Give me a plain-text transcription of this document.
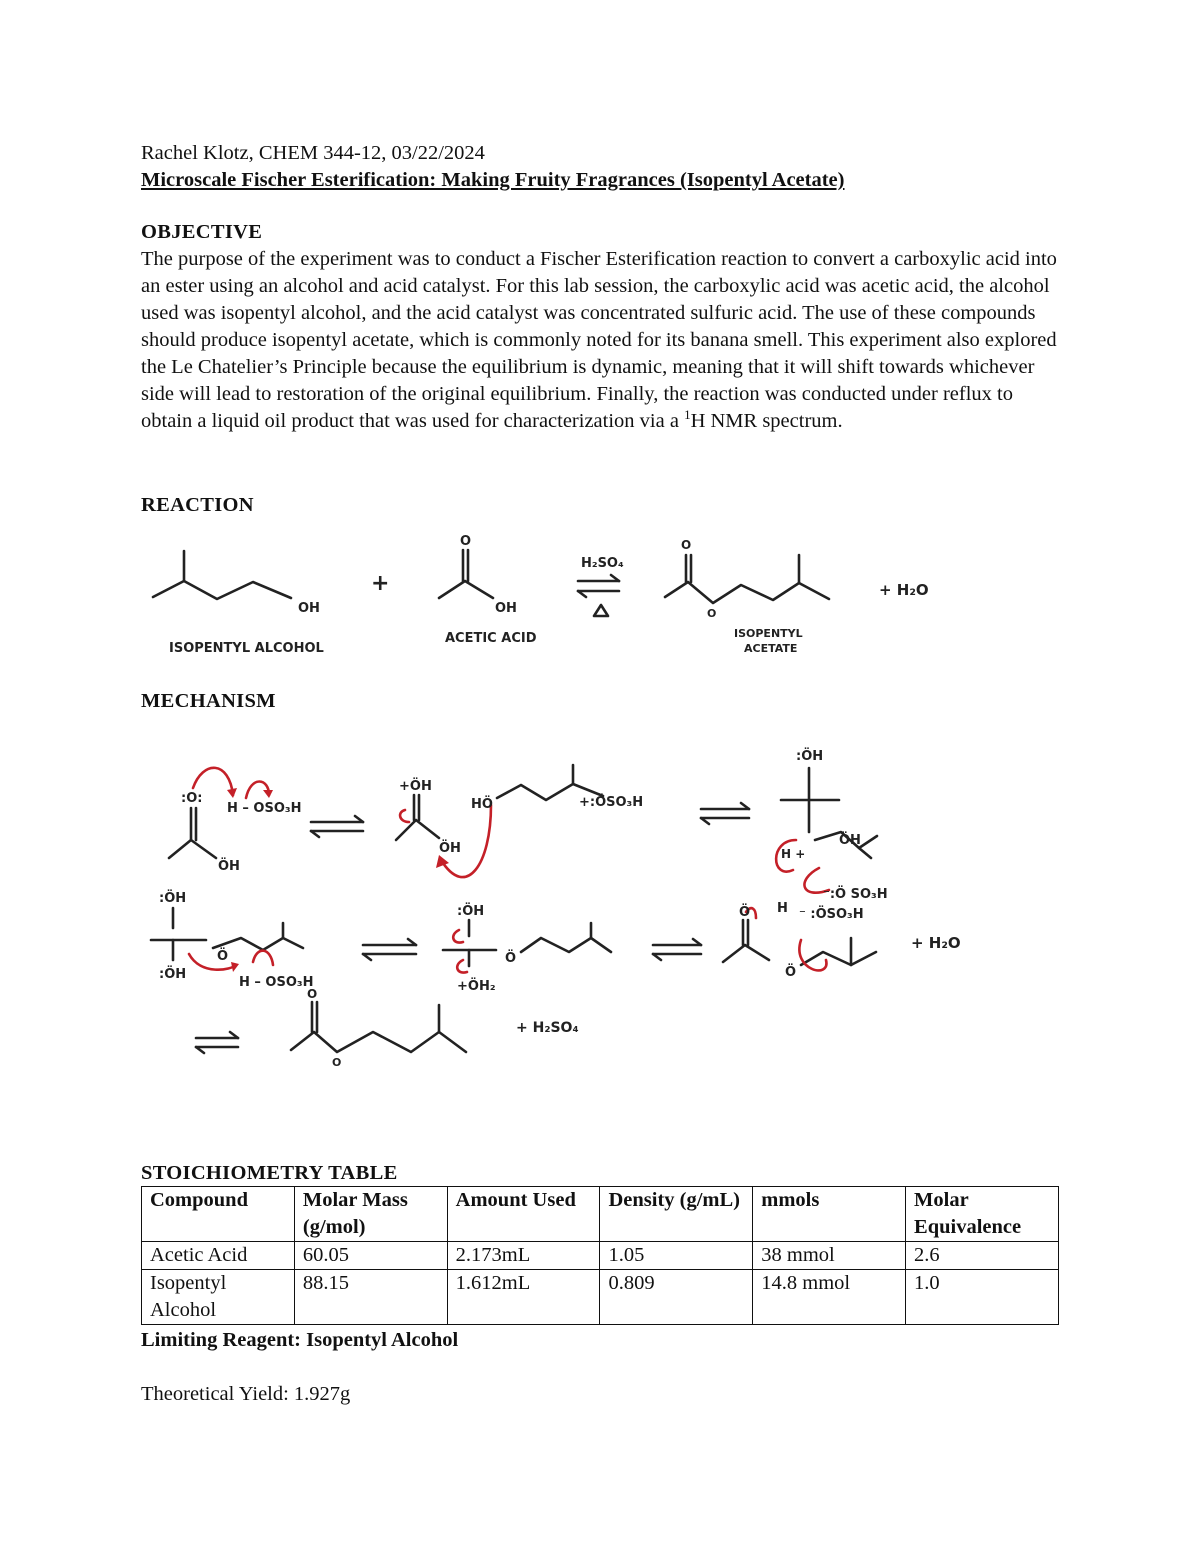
Rachel Klotz, CHEM 344-12, 03/22/2024

Microscale Fischer Esterification: Making Fruity Fragrances (Isopentyl Acetate)

OBJECTIVE

The purpose of the experiment was to conduct a Fischer Esterification reaction to convert a carboxylic acid into an ester using an alcohol and acid catalyst. For this lab session, the carboxylic acid was acetic acid, the alcohol used was isopentyl alcohol, and the acid catalyst was concentrated sulfuric acid. The use of these compounds should produce isopentyl acetate, which is commonly noted for its banana smell. This experiment also explored the Le Chatelier’s Principle because the equilibrium is dynamic, meaning that it will shift towards whichever side will lead to restoration of the original equilibrium. Finally, the reaction was conducted under reflux to obtain a liquid oil product that was used for characterization via a $^1$H NMR spectrum.

REACTION

OH
ISOPENTYL ALCOHOL
+
O
OH
ACETIC ACID
H₂SO₄
O
O
ISOPENTYL
ACETATE
+ H₂O

MECHANISM

:O:
H – OSO₃H
ÖH
+ÖH
ÖH
HÖ	+:ÖSO₃H
:ÖH
ÖH
H +
⁻:Ö SO₃H
:ÖH
Ö
:ÖH
H – OSO₃H
:ÖH
Ö
+ÖH₂
Ö H ⁻ :ÖSO₃H
Ö
+ H₂O
O
O
+ H₂SO₄

STOICHIOMETRY TABLE

Compound	Molar Mass (g/mol)	Amount Used	Density (g/mL)	mmols	Molar Equivalence
Acetic Acid	60.05	2.173mL	1.05	38 mmol	2.6
Isopentyl Alcohol	88.15	1.612mL	0.809	14.8 mmol	1.0

Limiting Reagent: Isopentyl Alcohol

Theoretical Yield: 1.927g
